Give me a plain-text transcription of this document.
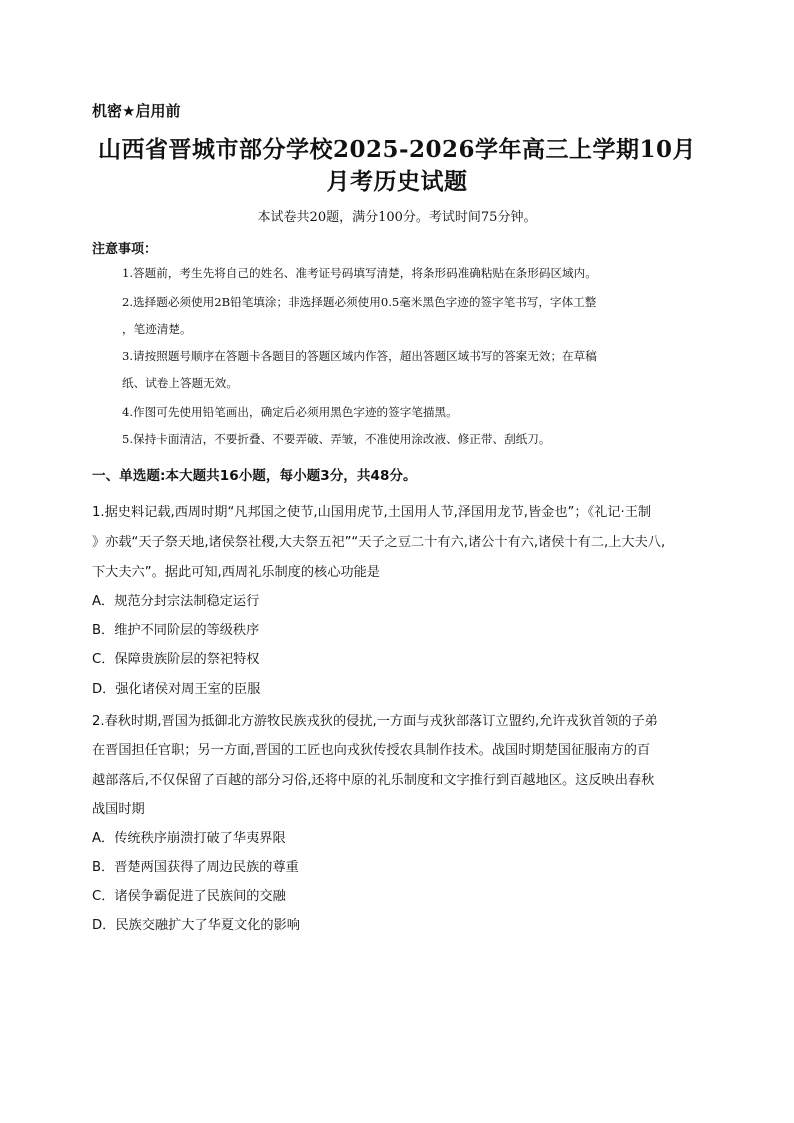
机密★启用前
山西省晋城市部分学校2025-2026学年高三上学期10月
月考历史试题
本试卷共20题，满分100分。考试时间75分钟。
注意事项：
1.答题前，考生先将自己的姓名、准考证号码填写清楚，将条形码准确粘贴在条形码区域内。
2.选择题必须使用2B铅笔填涂；非选择题必须使用0.5毫米黑色字迹的签字笔书写，字体工整
，笔迹清楚。
3.请按照题号顺序在答题卡各题目的答题区域内作答，超出答题区域书写的答案无效；在草稿
纸、试卷上答题无效。
4.作图可先使用铅笔画出，确定后必须用黑色字迹的签字笔描黑。
5.保持卡面清洁，不要折叠、不要弄破、弄皱，不准使用涂改液、修正带、刮纸刀。
一、单选题:本大题共16小题，每小题3分，共48分。
1.据史料记载,西周时期“凡邦国之使节,山国用虎节,土国用人节,泽国用龙节,皆金也”；《礼记·王制
》亦载“天子祭天地,诸侯祭社稷,大夫祭五祀”“天子之豆二十有六,诸公十有六,诸侯十有二,上大夫八,
下大夫六”。据此可知,西周礼乐制度的核心功能是
A．规范分封宗法制稳定运行
B．维护不同阶层的等级秩序
C．保障贵族阶层的祭祀特权
D．强化诸侯对周王室的臣服
2.春秋时期,晋国为抵御北方游牧民族戎狄的侵扰,一方面与戎狄部落订立盟约,允许戎狄首领的子弟
在晋国担任官职；另一方面,晋国的工匠也向戎狄传授农具制作技术。战国时期楚国征服南方的百
越部落后,不仅保留了百越的部分习俗,还将中原的礼乐制度和文字推行到百越地区。这反映出春秋
战国时期
A．传统秩序崩溃打破了华夷界限
B．晋楚两国获得了周边民族的尊重
C．诸侯争霸促进了民族间的交融
D．民族交融扩大了华夏文化的影响
